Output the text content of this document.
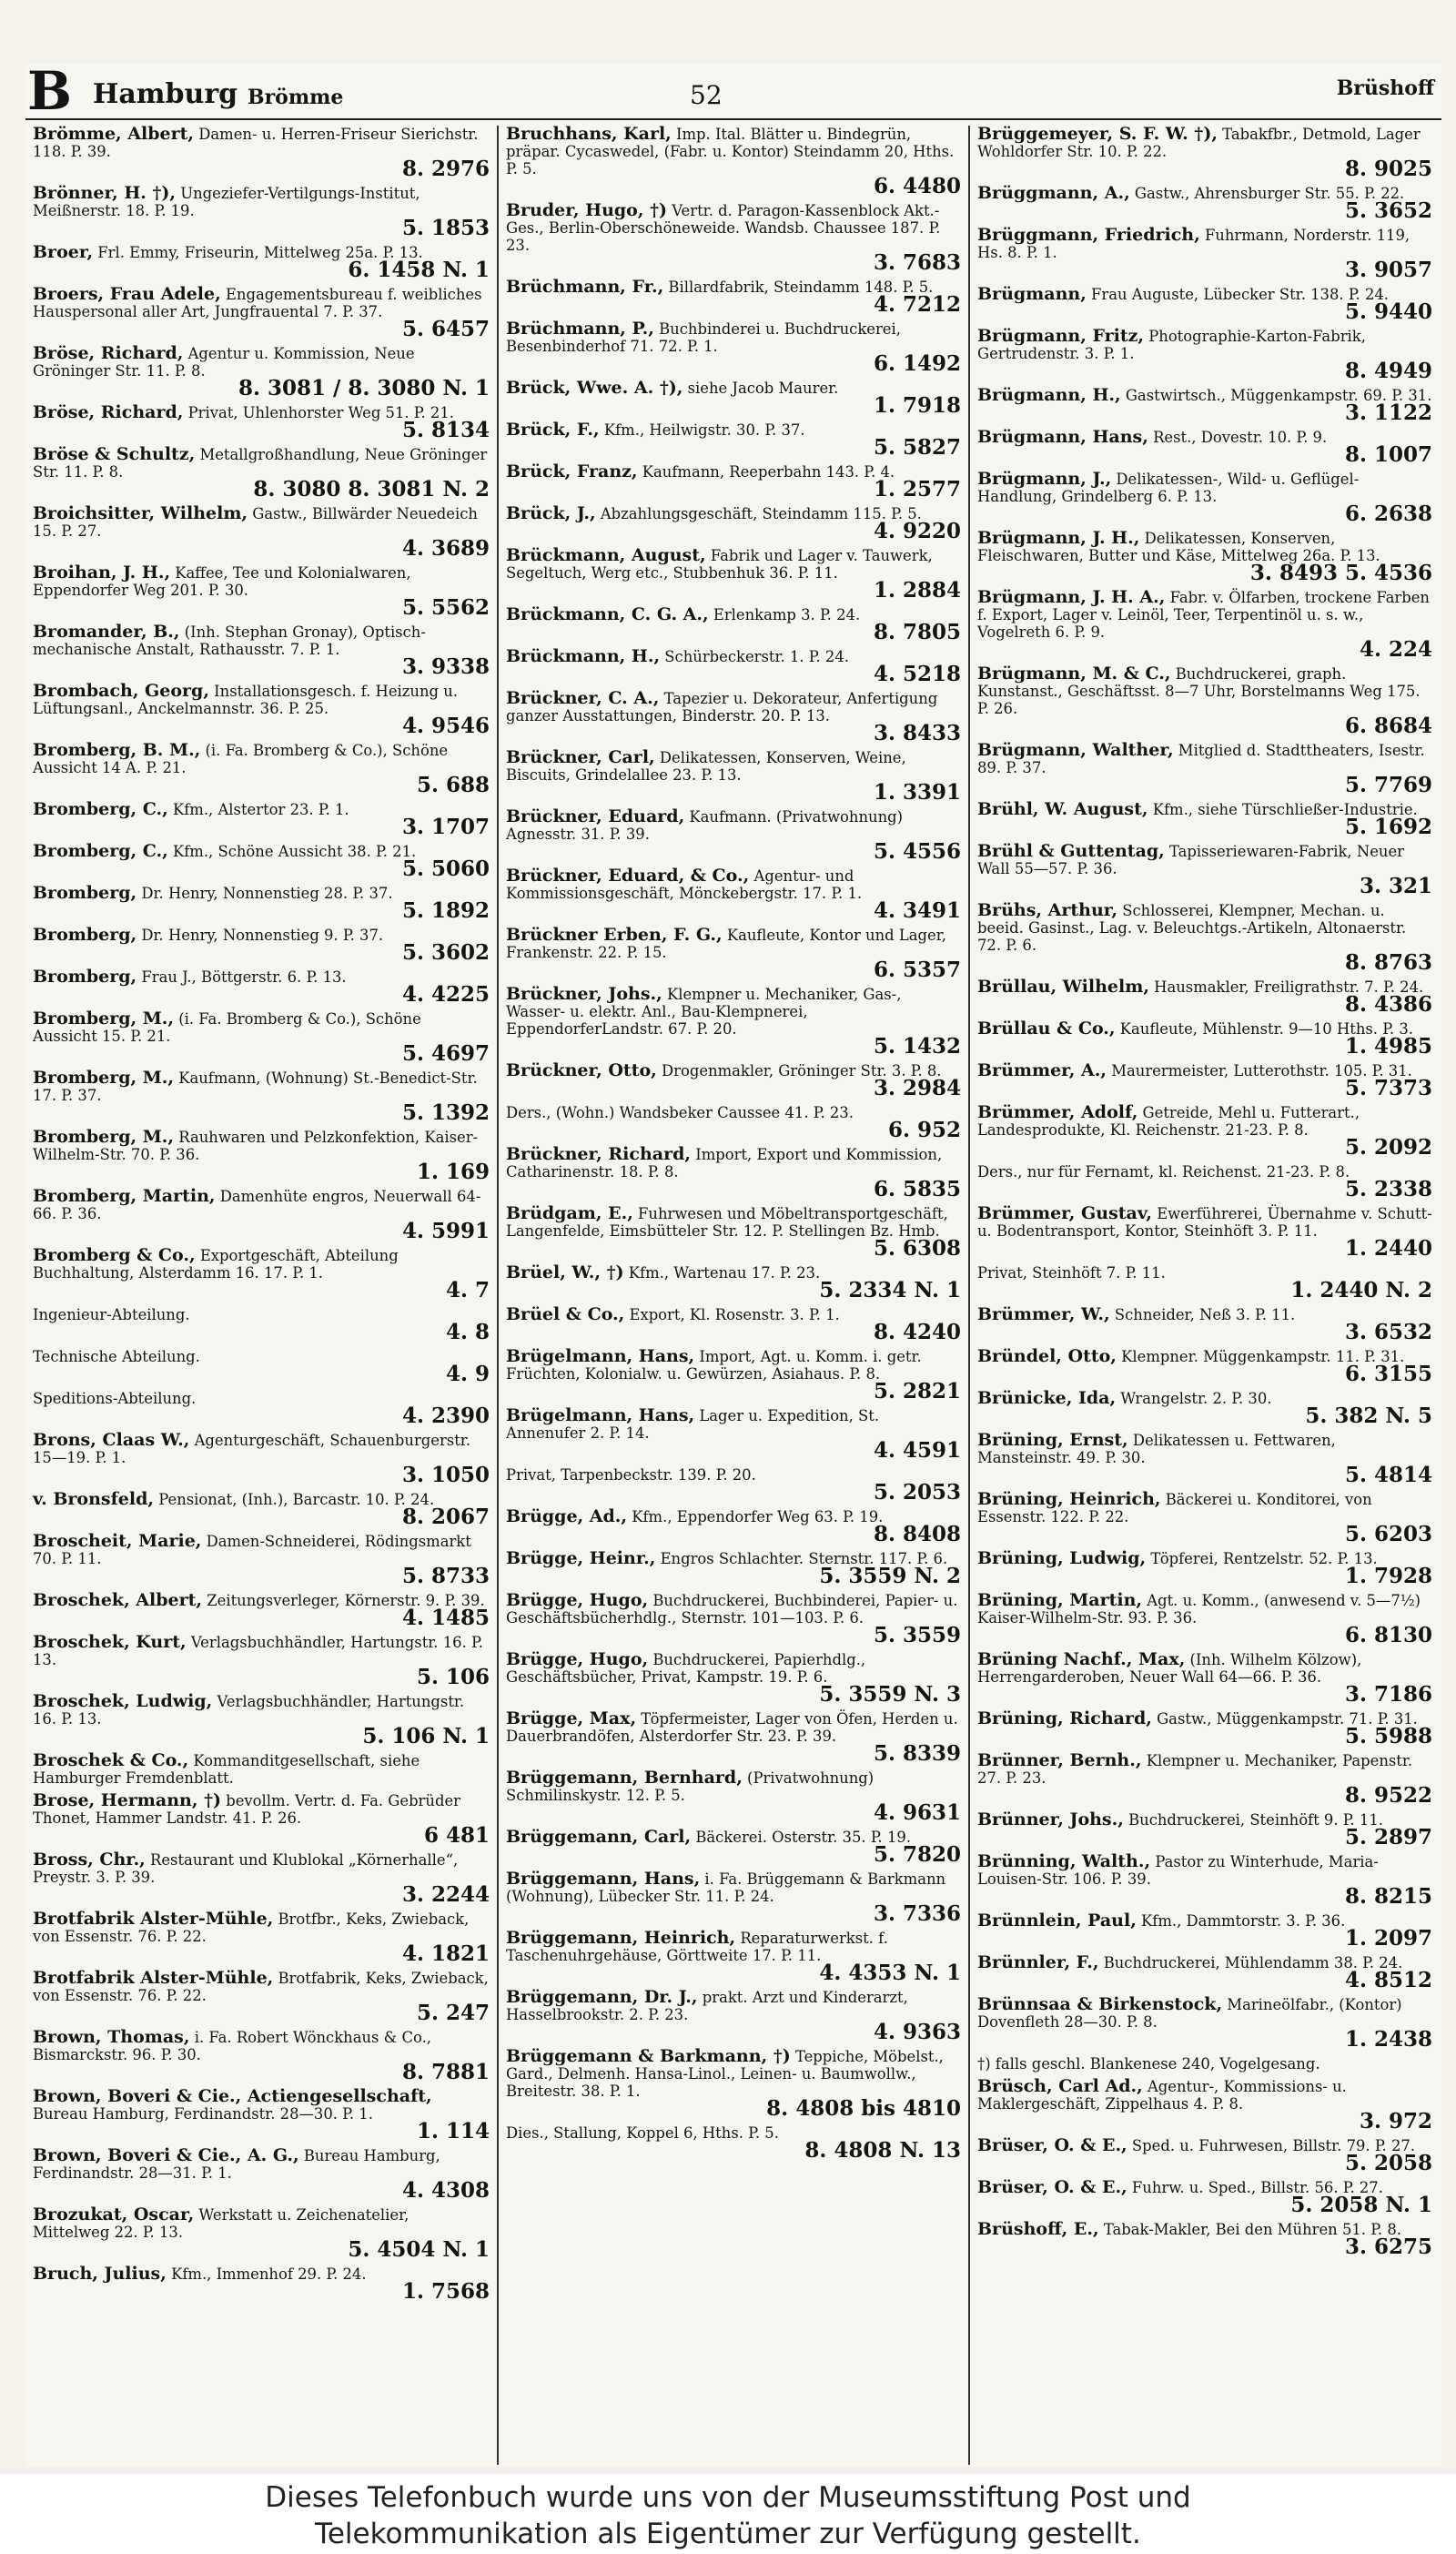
B Hamburg Brömme	52	Brüshoff
Brömme, Albert, Damen- u. Herren-Friseur Sierichstr. 118. P. 39.
8. 2976
Brönner, H. †), Ungeziefer-Vertilgungs-Institut, Meißnerstr. 18. P. 19.
5. 1853
Broer, Frl. Emmy, Friseurin, Mittelweg 25a. P. 13.
6. 1458 N. 1
Broers, Frau Adele, Engagementsbureau f. weibliches Hauspersonal aller Art, Jungfrauental 7. P. 37.
5. 6457
Bröse, Richard, Agentur u. Kommission, Neue Gröninger Str. 11. P. 8.
8. 3081 / 8. 3080 N. 1
Bröse, Richard, Privat, Uhlenhorster Weg 51. P. 21.
5. 8134
Bröse & Schultz, Metallgroßhandlung, Neue Gröninger Str. 11. P. 8.
8. 3080 8. 3081 N. 2
Broichsitter, Wilhelm, Gastw., Billwärder Neuedeich 15. P. 27.
4. 3689
Broihan, J. H., Kaffee, Tee und Kolonialwaren, Eppendorfer Weg 201. P. 30.
5. 5562
Bromander, B., (Inh. Stephan Gronay), Optisch-mechanische Anstalt, Rathausstr. 7. P. 1.
3. 9338
Brombach, Georg, Installationsgesch. f. Heizung u. Lüftungsanl., Anckelmannstr. 36. P. 25.
4. 9546
Bromberg, B. M., (i. Fa. Bromberg & Co.), Schöne Aussicht 14 A. P. 21.
5. 688
Bromberg, C., Kfm., Alstertor 23. P. 1.
3. 1707
Bromberg, C., Kfm., Schöne Aussicht 38. P. 21.
5. 5060
Bromberg, Dr. Henry, Nonnenstieg 28. P. 37.
5. 1892
Bromberg, Dr. Henry, Nonnenstieg 9. P. 37.
5. 3602
Bromberg, Frau J., Böttgerstr. 6. P. 13.
4. 4225
Bromberg, M., (i. Fa. Bromberg & Co.), Schöne Aussicht 15. P. 21.
5. 4697
Bromberg, M., Kaufmann, (Wohnung) St.-Benedict-Str. 17. P. 37.
5. 1392
Bromberg, M., Rauhwaren und Pelzkonfektion, Kaiser-Wilhelm-Str. 70. P. 36.
1. 169
Bromberg, Martin, Damenhüte engros, Neuerwall 64-66. P. 36.
4. 5991
Bromberg & Co., Exportgeschäft, Abteilung Buchhaltung, Alsterdamm 16. 17. P. 1.
4. 7
Ingenieur-Abteilung.
4. 8
Technische Abteilung.
4. 9
Speditions-Abteilung.
4. 2390
Brons, Claas W., Agenturgeschäft, Schauenburgerstr. 15—19. P. 1.
3. 1050
v. Bronsfeld, Pensionat, (Inh.), Barcastr. 10. P. 24.
8. 2067
Broscheit, Marie, Damen-Schneiderei, Rödingsmarkt 70. P. 11.
5. 8733
Broschek, Albert, Zeitungsverleger, Körnerstr. 9. P. 39.
4. 1485
Broschek, Kurt, Verlagsbuchhändler, Hartungstr. 16. P. 13.
5. 106
Broschek, Ludwig, Verlagsbuchhändler, Hartungstr. 16. P. 13.
5. 106 N. 1
Broschek & Co., Kommanditgesellschaft, siehe Hamburger Fremdenblatt.
Brose, Hermann, †) bevollm. Vertr. d. Fa. Gebrüder Thonet, Hammer Landstr. 41. P. 26.
6 481
Bross, Chr., Restaurant und Klublokal „Körnerhalle“, Preystr. 3. P. 39.
3. 2244
Brotfabrik Alster-Mühle, Brotfbr., Keks, Zwieback, von Essenstr. 76. P. 22.
4. 1821
Brotfabrik Alster-Mühle, Brotfabrik, Keks, Zwieback, von Essenstr. 76. P. 22.
5. 247
Brown, Thomas, i. Fa. Robert Wönckhaus & Co., Bismarckstr. 96. P. 30.
8. 7881
Brown, Boveri & Cie., Actiengesellschaft, Bureau Hamburg, Ferdinandstr. 28—30. P. 1.
1. 114
Brown, Boveri & Cie., A. G., Bureau Hamburg, Ferdinandstr. 28—31. P. 1.
4. 4308
Brozukat, Oscar, Werkstatt u. Zeichenatelier, Mittelweg 22. P. 13.
5. 4504 N. 1
Bruch, Julius, Kfm., Immenhof 29. P. 24.
1. 7568
Bruchhans, Karl, Imp. Ital. Blätter u. Bindegrün, präpar. Cycaswedel, (Fabr. u. Kontor) Steindamm 20, Hths. P. 5.
6. 4480
Bruder, Hugo, †) Vertr. d. Paragon-Kassenblock Akt.-Ges., Berlin-Oberschöneweide. Wandsb. Chaussee 187. P. 23.
3. 7683
Brüchmann, Fr., Billardfabrik, Steindamm 148. P. 5.
4. 7212
Brüchmann, P., Buchbinderei u. Buchdruckerei, Besenbinderhof 71. 72. P. 1.
6. 1492
Brück, Wwe. A. †), siehe Jacob Maurer.
1. 7918
Brück, F., Kfm., Heilwigstr. 30. P. 37.
5. 5827
Brück, Franz, Kaufmann, Reeperbahn 143. P. 4.
1. 2577
Brück, J., Abzahlungsgeschäft, Steindamm 115. P. 5.
4. 9220
Brückmann, August, Fabrik und Lager v. Tauwerk, Segeltuch, Werg etc., Stubbenhuk 36. P. 11.
1. 2884
Brückmann, C. G. A., Erlenkamp 3. P. 24.
8. 7805
Brückmann, H., Schürbeckerstr. 1. P. 24.
4. 5218
Brückner, C. A., Tapezier u. Dekorateur, Anfertigung ganzer Ausstattungen, Binderstr. 20. P. 13.
3. 8433
Brückner, Carl, Delikatessen, Konserven, Weine, Biscuits, Grindelallee 23. P. 13.
1. 3391
Brückner, Eduard, Kaufmann. (Privatwohnung) Agnesstr. 31. P. 39.
5. 4556
Brückner, Eduard, & Co., Agentur- und Kommissionsgeschäft, Mönckebergstr. 17. P. 1.
4. 3491
Brückner Erben, F. G., Kaufleute, Kontor und Lager, Frankenstr. 22. P. 15.
6. 5357
Brückner, Johs., Klempner u. Mechaniker, Gas-, Wasser- u. elektr. Anl., Bau-Klempnerei, EppendorferLandstr. 67. P. 20.
5. 1432
Brückner, Otto, Drogenmakler, Gröninger Str. 3. P. 8.
3. 2984
Ders., (Wohn.) Wandsbeker Caussee 41. P. 23.
6. 952
Brückner, Richard, Import, Export und Kommission, Catharinenstr. 18. P. 8.
6. 5835
Brüdgam, E., Fuhrwesen und Möbeltransportgeschäft, Langenfelde, Eimsbütteler Str. 12. P. Stellingen Bz. Hmb.
5. 6308
Brüel, W., †) Kfm., Wartenau 17. P. 23.
5. 2334 N. 1
Brüel & Co., Export, Kl. Rosenstr. 3. P. 1.
8. 4240
Brügelmann, Hans, Import, Agt. u. Komm. i. getr. Früchten, Kolonialw. u. Gewürzen, Asiahaus. P. 8.
5. 2821
Brügelmann, Hans, Lager u. Expedition, St. Annenufer 2. P. 14.
4. 4591
Privat, Tarpenbeckstr. 139. P. 20.
5. 2053
Brügge, Ad., Kfm., Eppendorfer Weg 63. P. 19.
8. 8408
Brügge, Heinr., Engros Schlachter. Sternstr. 117. P. 6.
5. 3559 N. 2
Brügge, Hugo, Buchdruckerei, Buchbinderei, Papier- u. Geschäftsbücherhdlg., Sternstr. 101—103. P. 6.
5. 3559
Brügge, Hugo, Buchdruckerei, Papierhdlg., Geschäftsbücher, Privat, Kampstr. 19. P. 6.
5. 3559 N. 3
Brügge, Max, Töpfermeister, Lager von Öfen, Herden u. Dauerbrandöfen, Alsterdorfer Str. 23. P. 39.
5. 8339
Brüggemann, Bernhard, (Privatwohnung) Schmilinskystr. 12. P. 5.
4. 9631
Brüggemann, Carl, Bäckerei. Osterstr. 35. P. 19.
5. 7820
Brüggemann, Hans, i. Fa. Brüggemann & Barkmann (Wohnung), Lübecker Str. 11. P. 24.
3. 7336
Brüggemann, Heinrich, Reparaturwerkst. f. Taschenuhrgehäuse, Görttweite 17. P. 11.
4. 4353 N. 1
Brüggemann, Dr. J., prakt. Arzt und Kinderarzt, Hasselbrookstr. 2. P. 23.
4. 9363
Brüggemann & Barkmann, †) Teppiche, Möbelst., Gard., Delmenh. Hansa-Linol., Leinen- u. Baumwollw., Breitestr. 38. P. 1.
8. 4808 bis 4810
Dies., Stallung, Koppel 6, Hths. P. 5.
8. 4808 N. 13
Brüggemeyer, S. F. W. †), Tabakfbr., Detmold, Lager Wohldorfer Str. 10. P. 22.
8. 9025
Brüggmann, A., Gastw., Ahrensburger Str. 55. P. 22.
5. 3652
Brüggmann, Friedrich, Fuhrmann, Norderstr. 119, Hs. 8. P. 1.
3. 9057
Brügmann, Frau Auguste, Lübecker Str. 138. P. 24.
5. 9440
Brügmann, Fritz, Photographie-Karton-Fabrik, Gertrudenstr. 3. P. 1.
8. 4949
Brügmann, H., Gastwirtsch., Müggenkampstr. 69. P. 31.
3. 1122
Brügmann, Hans, Rest., Dovestr. 10. P. 9.
8. 1007
Brügmann, J., Delikatessen-, Wild- u. Geflügel-Handlung, Grindelberg 6. P. 13.
6. 2638
Brügmann, J. H., Delikatessen, Konserven, Fleischwaren, Butter und Käse, Mittelweg 26a. P. 13.
3. 8493 5. 4536
Brügmann, J. H. A., Fabr. v. Ölfarben, trockene Farben f. Export, Lager v. Leinöl, Teer, Terpentinöl u. s. w., Vogelreth 6. P. 9.
4. 224
Brügmann, M. & C., Buchdruckerei, graph. Kunstanst., Geschäftsst. 8—7 Uhr, Borstelmanns Weg 175. P. 26.
6. 8684
Brügmann, Walther, Mitglied d. Stadttheaters, Isestr. 89. P. 37.
5. 7769
Brühl, W. August, Kfm., siehe Türschließer-Industrie.
5. 1692
Brühl & Guttentag, Tapisseriewaren-Fabrik, Neuer Wall 55—57. P. 36.
3. 321
Brühs, Arthur, Schlosserei, Klempner, Mechan. u. beeid. Gasinst., Lag. v. Beleuchtgs.-Artikeln, Altonaerstr. 72. P. 6.
8. 8763
Brüllau, Wilhelm, Hausmakler, Freiligrathstr. 7. P. 24.
8. 4386
Brüllau & Co., Kaufleute, Mühlenstr. 9—10 Hths. P. 3.
1. 4985
Brümmer, A., Maurermeister, Lutterothstr. 105. P. 31.
5. 7373
Brümmer, Adolf, Getreide, Mehl u. Futterart., Landesprodukte, Kl. Reichenstr. 21-23. P. 8.
5. 2092
Ders., nur für Fernamt, kl. Reichenst. 21-23. P. 8.
5. 2338
Brümmer, Gustav, Ewerführerei, Übernahme v. Schutt- u. Bodentransport, Kontor, Steinhöft 3. P. 11.
1. 2440
Privat, Steinhöft 7. P. 11.
1. 2440 N. 2
Brümmer, W., Schneider, Neß 3. P. 11.
3. 6532
Bründel, Otto, Klempner. Müggenkampstr. 11. P. 31.
6. 3155
Brünicke, Ida, Wrangelstr. 2. P. 30.
5. 382 N. 5
Brüning, Ernst, Delikatessen u. Fettwaren, Mansteinstr. 49. P. 30.
5. 4814
Brüning, Heinrich, Bäckerei u. Konditorei, von Essenstr. 122. P. 22.
5. 6203
Brüning, Ludwig, Töpferei, Rentzelstr. 52. P. 13.
1. 7928
Brüning, Martin, Agt. u. Komm., (anwesend v. 5—7½) Kaiser-Wilhelm-Str. 93. P. 36.
6. 8130
Brüning Nachf., Max, (Inh. Wilhelm Kölzow), Herrengarderoben, Neuer Wall 64—66. P. 36.
3. 7186
Brüning, Richard, Gastw., Müggenkampstr. 71. P. 31.
5. 5988
Brünner, Bernh., Klempner u. Mechaniker, Papenstr. 27. P. 23.
8. 9522
Brünner, Johs., Buchdruckerei, Steinhöft 9. P. 11.
5. 2897
Brünning, Walth., Pastor zu Winterhude, Maria-Louisen-Str. 106. P. 39.
8. 8215
Brünnlein, Paul, Kfm., Dammtorstr. 3. P. 36.
1. 2097
Brünnler, F., Buchdruckerei, Mühlendamm 38. P. 24.
4. 8512
Brünnsaa & Birkenstock, Marineölfabr., (Kontor) Dovenfleth 28—30. P. 8.
1. 2438
†) falls geschl. Blankenese 240, Vogelgesang.
Brüsch, Carl Ad., Agentur-, Kommissions- u. Maklergeschäft, Zippelhaus 4. P. 8.
3. 972
Brüser, O. & E., Sped. u. Fuhrwesen, Billstr. 79. P. 27.
5. 2058
Brüser, O. & E., Fuhrw. u. Sped., Billstr. 56. P. 27.
5. 2058 N. 1
Brüshoff, E., Tabak-Makler, Bei den Mühren 51. P. 8.
3. 6275
Dieses Telefonbuch wurde uns von der Museumsstiftung Post und
Telekommunikation als Eigentümer zur Verfügung gestellt.
